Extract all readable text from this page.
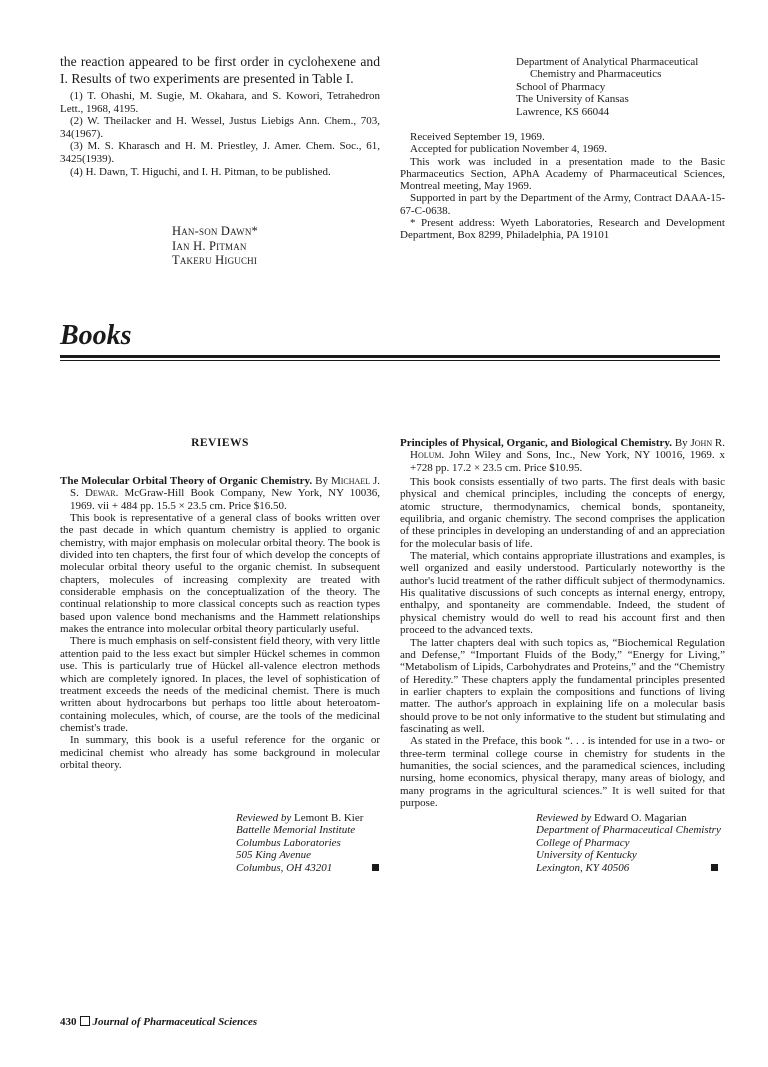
the reaction appeared to be first order in cyclohexene and I. Results of two experiments are presented in Table I.

(1) T. Ohashi, M. Sugie, M. Okahara, and S. Kowori, Tetrahedron Lett., 1968, 4195.

(2) W. Theilacker and H. Wessel, Justus Liebigs Ann. Chem., 703, 34(1967).

(3) M. S. Kharasch and H. M. Priestley, J. Amer. Chem. Soc., 61, 3425(1939).

(4) H. Dawn, T. Higuchi, and I. H. Pitman, to be published.

Han-son Dawn*
Ian H. Pitman
Takeru Higuchi
Department of Analytical Pharmaceutical
Chemistry and Pharmaceutics
School of Pharmacy
The University of Kansas
Lawrence, KS 66044

Received September 19, 1969.

Accepted for publication November 4, 1969.

This work was included in a presentation made to the Basic Pharmaceutics Section, APhA Academy of Pharmaceutical Sciences, Montreal meeting, May 1969.

Supported in part by the Department of the Army, Contract DAAA-15-67-C-0638.

* Present address: Wyeth Laboratories, Research and Development Department, Box 8299, Philadelphia, PA 19101

Books
REVIEWS

The Molecular Orbital Theory of Organic Chemistry. By Michael J. S. Dewar. McGraw-Hill Book Company, New York, NY 10036, 1969. vii + 484 pp. 15.5 × 23.5 cm. Price $16.50.

This book is representative of a general class of books written over the past decade in which quantum chemistry is applied to organic chemistry, with major emphasis on molecular orbital theory. The book is divided into ten chapters, the first four of which develop the concepts of molecular orbital theory useful to the organic chemist. In subsequent chapters, molecules of increasing complexity are treated with considerable emphasis on the conceptualization of the theory. The continual relationship to more classical concepts such as reaction types based upon valence bond mechanisms and the Hammett relationships makes the entrance into molecular orbital theory particularly useful.

There is much emphasis on self-consistent field theory, with very little attention paid to the less exact but simpler Hückel schemes in common use. This is particularly true of Hückel all-valence electron methods which are completely ignored. In places, the level of sophistication of treatment exceeds the needs of the medicinal chemist. There is much written about hydrocarbons but perhaps too little about heteroatom-containing molecules, which, of course, are the tools of the medicinal chemist's trade.

In summary, this book is a useful reference for the organic or medicinal chemist who already has some background in molecular orbital theory.

Reviewed by Lemont B. Kier
Battelle Memorial Institute
Columbus Laboratories
505 King Avenue
Columbus, OH 43201

Principles of Physical, Organic, and Biological Chemistry. By John R. Holum. John Wiley and Sons, Inc., New York, NY 10016, 1969. x +728 pp. 17.2 × 23.5 cm. Price $10.95.

This book consists essentially of two parts. The first deals with basic physical and chemical principles, including the concepts of energy, atomic structure, thermodynamics, chemical bonds, spontaneity, equilibria, and organic chemistry. The second comprises the application of these principles in developing an understanding of and an appreciation for the molecular basis of life.

The material, which contains appropriate illustrations and examples, is well organized and easily understood. Particularly noteworthy is the author's lucid treatment of the rather difficult subject of thermodynamics. His qualitative discussions of such concepts as internal energy, entropy, enthalpy, and spontaneity are commendable. Indeed, the student of physical chemistry would do well to read his account first and then proceed to the advanced texts.

The latter chapters deal with such topics as, “Biochemical Regulation and Defense,” “Important Fluids of the Body,” “Energy for Living,” “Metabolism of Lipids, Carbohydrates and Proteins,” and the “Chemistry of Heredity.” These chapters apply the fundamental principles presented in earlier chapters to explain the compositions and functions of living matter. The author's approach in explaining life on a molecular basis should prove to be not only informative to the student but stimulating and fascinating as well.

As stated in the Preface, this book “. . . is intended for use in a two- or three-term terminal college course in chemistry for students in the humanities, the social sciences, and the paramedical sciences, including nursing, home economics, physical therapy, many areas of biology, and many programs in the agricultural sciences.” It is well suited for that purpose.

Reviewed by Edward O. Magarian
Department of Pharmaceutical Chemistry
College of Pharmacy
University of Kentucky
Lexington, KY 40506
430 Journal of Pharmaceutical Sciences
